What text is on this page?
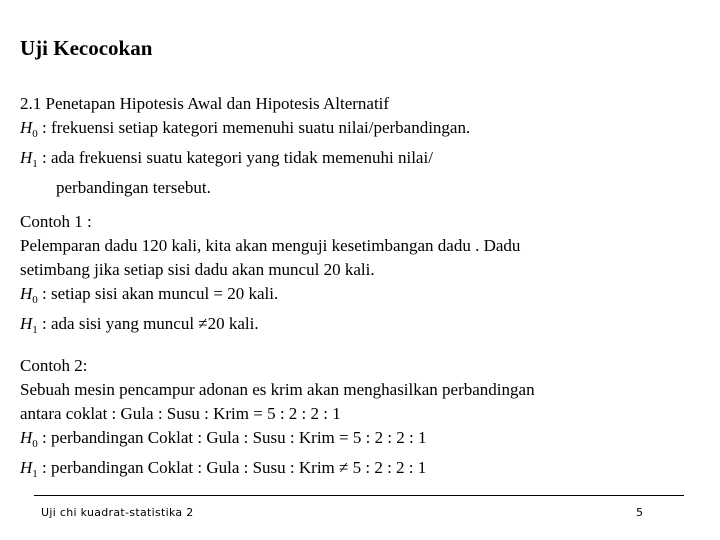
Uji Kecocokan
2.1 Penetapan Hipotesis Awal dan Hipotesis Alternatif
$H_0$ : frekuensi setiap kategori memenuhi suatu nilai/perbandingan.
$H_1$ : ada frekuensi suatu kategori yang tidak memenuhi nilai/
perbandingan tersebut.
Contoh 1 :
Pelemparan dadu 120 kali, kita akan menguji kesetimbangan dadu . Dadu
setimbang jika setiap sisi dadu akan muncul 20 kali.
$H_0$ : setiap sisi akan muncul = 20 kali.
$H_1$ : ada sisi yang muncul ≠20 kali.
Contoh 2:
Sebuah mesin pencampur adonan es krim akan menghasilkan perbandingan
antara coklat : Gula : Susu : Krim = 5 : 2 : 2 : 1
$H_0$ : perbandingan Coklat : Gula : Susu : Krim = 5 : 2 : 2 : 1
$H_1$ : perbandingan Coklat : Gula : Susu : Krim ≠ 5 : 2 : 2 : 1
Uji chi kuadrat-statistika 2	5
